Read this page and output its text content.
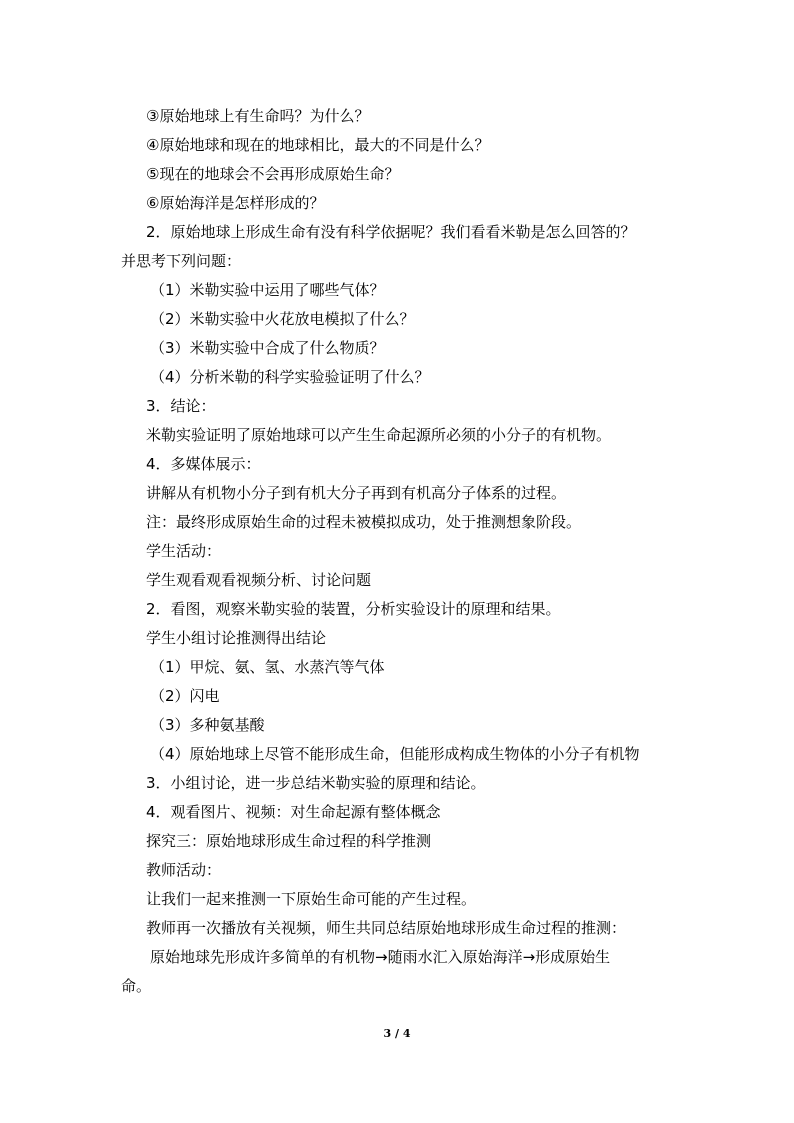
③原始地球上有生命吗？为什么？
④原始地球和现在的地球相比，最大的不同是什么？
⑤现在的地球会不会再形成原始生命？
⑥原始海洋是怎样形成的？
2．原始地球上形成生命有没有科学依据呢？我们看看米勒是怎么回答的？
并思考下列问题：
（1）米勒实验中运用了哪些气体？
（2）米勒实验中火花放电模拟了什么？
（3）米勒实验中合成了什么物质？
（4）分析米勒的科学实验验证明了什么？
3．结论：
米勒实验证明了原始地球可以产生生命起源所必须的小分子的有机物。
4．多媒体展示：
讲解从有机物小分子到有机大分子再到有机高分子体系的过程。
注：最终形成原始生命的过程未被模拟成功，处于推测想象阶段。
学生活动：
学生观看观看视频分析、讨论问题
2．看图，观察米勒实验的装置，分析实验设计的原理和结果。
学生小组讨论推测得出结论
（1）甲烷、氨、氢、水蒸汽等气体
（2）闪电
（3）多种氨基酸
（4）原始地球上尽管不能形成生命，但能形成构成生物体的小分子有机物
3．小组讨论，进一步总结米勒实验的原理和结论。
4．观看图片、视频：对生命起源有整体概念
探究三：原始地球形成生命过程的科学推测
教师活动：
让我们一起来推测一下原始生命可能的产生过程。
教师再一次播放有关视频，师生共同总结原始地球形成生命过程的推测：
原始地球先形成许多简单的有机物→随雨水汇入原始海洋→形成原始生
命。
3 / 4
